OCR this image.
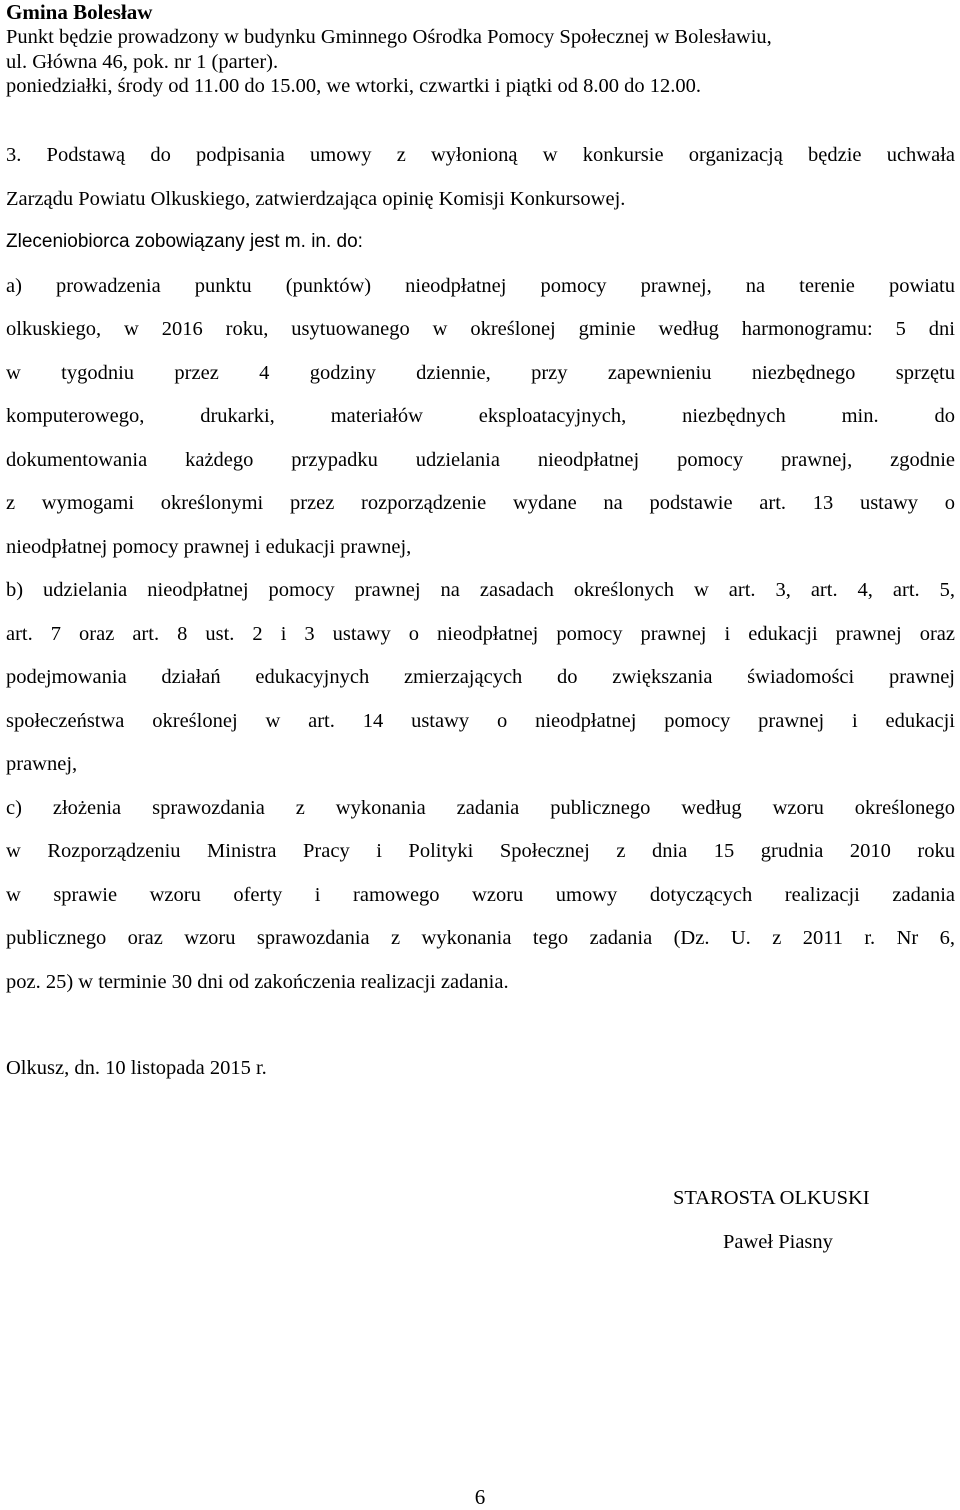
Gmina Bolesław
Punkt będzie prowadzony w budynku Gminnego Ośrodka Pomocy Społecznej w Bolesławiu,
ul. Główna 46, pok. nr 1 (parter).
poniedziałki, środy od 11.00 do 15.00, we wtorki, czwartki i piątki od 8.00 do 12.00.
3. Podstawą do podpisania umowy z wyłonioną w konkursie organizacją będzie uchwała
Zarządu Powiatu Olkuskiego, zatwierdzająca opinię Komisji Konkursowej.
Zleceniobiorca zobowiązany jest m. in. do:
a) prowadzenia punktu (punktów) nieodpłatnej pomocy prawnej, na terenie powiatu
olkuskiego, w 2016 roku, usytuowanego w określonej gminie według harmonogramu: 5 dni
w tygodniu przez 4 godziny dziennie, przy zapewnieniu niezbędnego sprzętu
komputerowego, drukarki, materiałów eksploatacyjnych, niezbędnych min. do
dokumentowania każdego przypadku udzielania nieodpłatnej pomocy prawnej, zgodnie
z wymogami określonymi przez rozporządzenie wydane na podstawie art. 13 ustawy o
nieodpłatnej pomocy prawnej i edukacji prawnej,
b) udzielania nieodpłatnej pomocy prawnej na zasadach określonych w art. 3, art. 4, art. 5,
art. 7 oraz art. 8 ust. 2 i 3 ustawy o nieodpłatnej pomocy prawnej i edukacji prawnej oraz
podejmowania działań edukacyjnych zmierzających do zwiększania świadomości prawnej
społeczeństwa określonej w art. 14 ustawy o nieodpłatnej pomocy prawnej i edukacji
prawnej,
c) złożenia sprawozdania z wykonania zadania publicznego według wzoru określonego
w Rozporządzeniu Ministra Pracy i Polityki Społecznej z dnia 15 grudnia 2010 roku
w sprawie wzoru oferty i ramowego wzoru umowy dotyczących realizacji zadania
publicznego oraz wzoru sprawozdania z wykonania tego zadania (Dz. U. z 2011 r. Nr 6,
poz. 25) w terminie 30 dni od zakończenia realizacji zadania.
Olkusz, dn. 10 listopada 2015 r.
STAROSTA OLKUSKI
Paweł Piasny
6
